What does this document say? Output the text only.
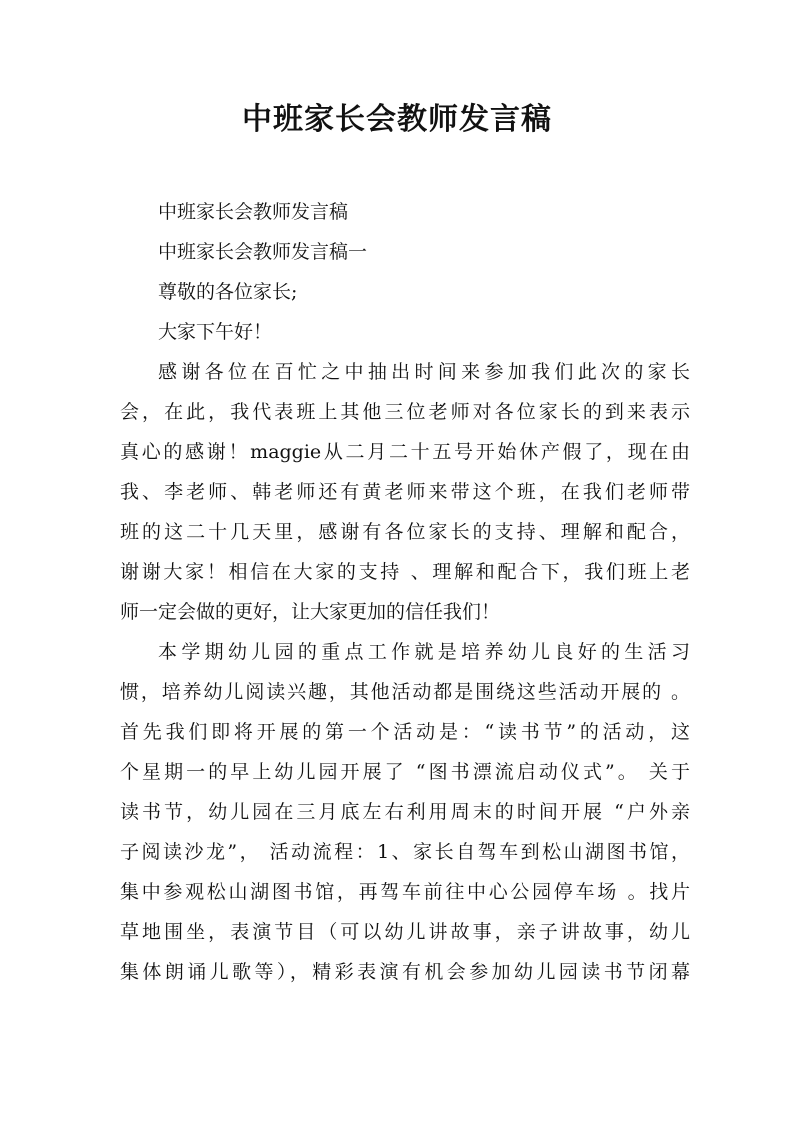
中班家长会教师发言稿

中班家长会教师发言稿

中班家长会教师发言稿一

尊敬的各位家长;

大家下午好！

感谢各位在百忙之中抽出时间来参加我们此次的家长

会，在此，我代表班上其他三位老师对各位家长的到来表示

真心的感谢！maggie从二月二十五号开始休产假了，现在由

我、李老师、韩老师还有黄老师来带这个班，在我们老师带

班的这二十几天里，感谢有各位家长的支持、理解和配合，

谢谢大家！相信在大家的支持 、理解和配合下，我们班上老

师一定会做的更好，让大家更加的信任我们！

本学期幼儿园的重点工作就是培养幼儿良好的生活习

惯，培养幼儿阅读兴趣，其他活动都是围绕这些活动开展的 。

首先我们即将开展的第一个活动是：“读书节”的活动，这

个星期一的早上幼儿园开展了 “图书漂流启动仪式”。 关于

读书节，幼儿园在三月底左右利用周末的时间开展 “户外亲

子阅读沙龙”， 活动流程：1、家长自驾车到松山湖图书馆，

集中参观松山湖图书馆，再驾车前往中心公园停车场 。找片

草地围坐，表演节目（可以幼儿讲故事，亲子讲故事，幼儿

集体朗诵儿歌等），精彩表演有机会参加幼儿园读书节闭幕
